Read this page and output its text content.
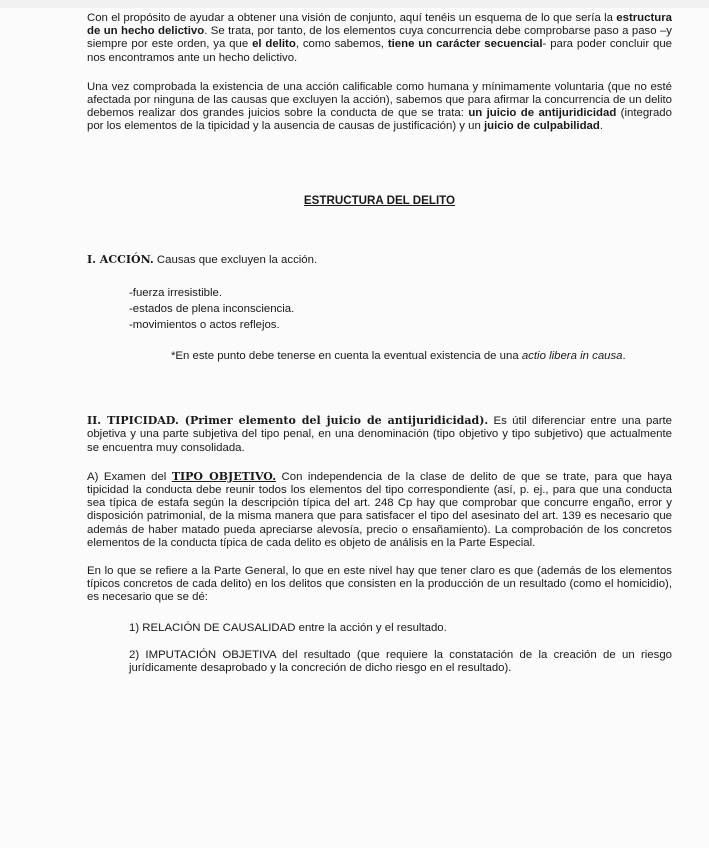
Con el propósito de ayudar a obtener una visión de conjunto, aquí tenéis un esquema de lo que sería la estructura de un hecho delictivo. Se trata, por tanto, de los elementos cuya concurrencia debe comprobarse paso a paso –y siempre por este orden, ya que el delito, como sabemos, tiene un carácter secuencial- para poder concluir que nos encontramos ante un hecho delictivo.

Una vez comprobada la existencia de una acción calificable como humana y mínimamente voluntaria (que no esté afectada por ninguna de las causas que excluyen la acción), sabemos que para afirmar la concurrencia de un delito debemos realizar dos grandes juicios sobre la conducta de que se trata: un juicio de antijuridicidad (integrado por los elementos de la tipicidad y la ausencia de causas de justificación) y un juicio de culpabilidad.

ESTRUCTURA DEL DELITO

I. ACCIÓN. Causas que excluyen la acción.

-fuerza irresistible.
-estados de plena inconsciencia.
-movimientos o actos reflejos.

*En este punto debe tenerse en cuenta la eventual existencia de una actio libera in causa.

II. TIPICIDAD. (Primer elemento del juicio de antijuridicidad). Es útil diferenciar entre una parte objetiva y una parte subjetiva del tipo penal, en una denominación (tipo objetivo y tipo subjetivo) que actualmente se encuentra muy consolidada.

A) Examen del TIPO OBJETIVO. Con independencia de la clase de delito de que se trate, para que haya tipicidad la conducta debe reunir todos los elementos del tipo correspondiente (así, p. ej., para que una conducta sea típica de estafa según la descripción típica del art. 248 Cp hay que comprobar que concurre engaño, error y disposición patrimonial, de la misma manera que para satisfacer el tipo del asesinato del art. 139 es necesario que además de haber matado pueda apreciarse alevosía, precio o ensañamiento). La comprobación de los concretos elementos de la conducta típica de cada delito es objeto de análisis en la Parte Especial.

En lo que se refiere a la Parte General, lo que en este nivel hay que tener claro es que (además de los elementos típicos concretos de cada delito) en los delitos que consisten en la producción de un resultado (como el homicidio), es necesario que se dé:

1) RELACIÓN DE CAUSALIDAD entre la acción y el resultado.

2) IMPUTACIÓN OBJETIVA del resultado (que requiere la constatación de la creación de un riesgo jurídicamente desaprobado y la concreción de dicho riesgo en el resultado).
